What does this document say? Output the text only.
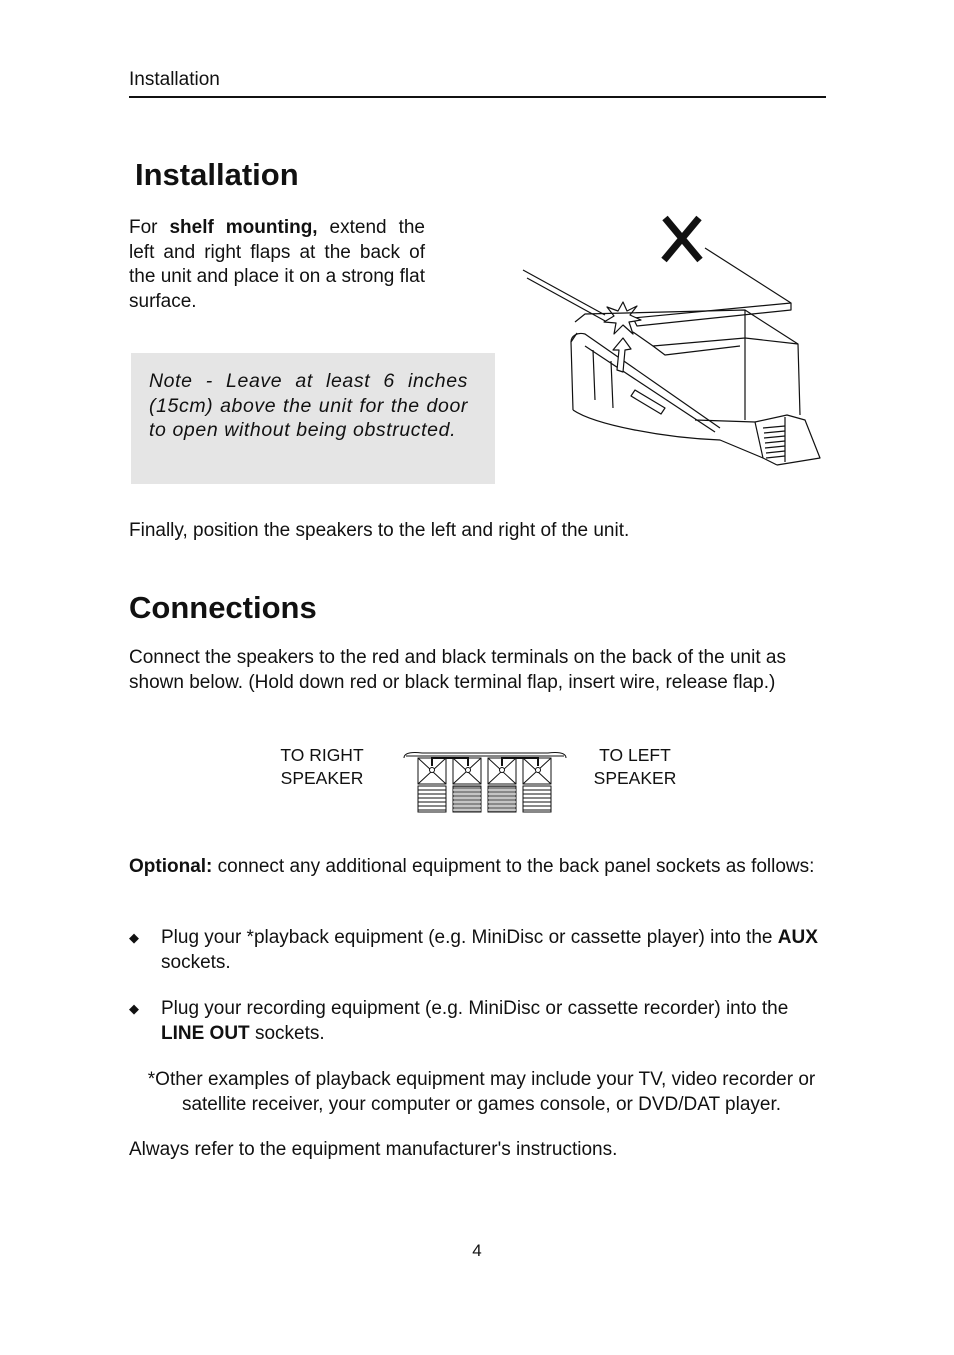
Installation
Installation
For shelf mounting, extend the left and right flaps at the back of the unit and place it on a strong flat surface.
Note - Leave at least 6 inches (15cm) above the unit for the door to open without being obstructed.
Finally, position the speakers to the left and right of the unit.
Connections
Connect the speakers to the red and black terminals on the back of the unit as shown below. (Hold down red or black terminal flap, insert wire, release flap.)
TO RIGHT
SPEAKER
TO LEFT
SPEAKER
Optional: connect any additional equipment to the back panel sockets as follows:
◆ Plug your *playback equipment (e.g. MiniDisc or cassette player) into the AUX sockets.
◆ Plug your recording equipment (e.g. MiniDisc or cassette recorder) into the LINE OUT sockets.
*Other examples of playback equipment may include your TV, video recorder or satellite receiver, your computer or games console, or DVD/DAT player.
Always refer to the equipment manufacturer's instructions.
4
